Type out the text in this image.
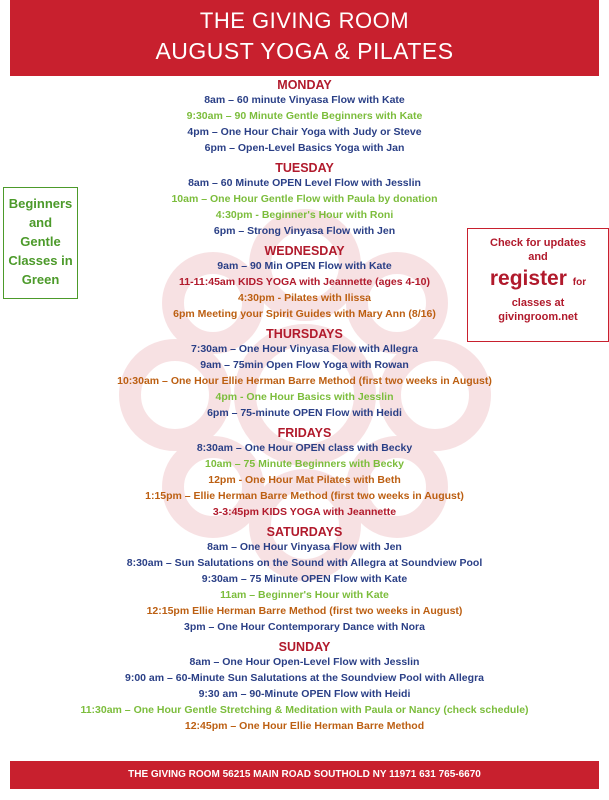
THE GIVING ROOM
AUGUST YOGA & PILATES
MONDAY
8am – 60 minute Vinyasa Flow with Kate
9:30am – 90 Minute Gentle Beginners with Kate
4pm – One Hour Chair Yoga with Judy or Steve
6pm – Open-Level Basics Yoga with Jan
TUESDAY
8am – 60 Minute OPEN Level Flow with Jesslin
10am – One Hour Gentle Flow with Paula by donation
4:30pm - Beginner's Hour with Roni
6pm – Strong Vinyasa Flow with Jen
WEDNESDAY
9am – 90 Min OPEN Flow with Kate
11-11:45am KIDS YOGA with Jeannette (ages 4-10)
4:30pm - Pilates with Ilissa
6pm Meeting your Spirit Guides with Mary Ann (8/16)
THURSDAYS
7:30am – One Hour Vinyasa Flow with Allegra
9am – 75min Open Flow Yoga with Rowan
10:30am – One Hour Ellie Herman Barre Method (first two weeks in August)
4pm - One Hour Basics with Jesslin
6pm – 75-minute OPEN Flow with Heidi
FRIDAYS
8:30am – One Hour OPEN class with Becky
10am – 75 Minute Beginners with Becky
12pm - One Hour Mat Pilates with Beth
1:15pm – Ellie Herman Barre Method (first two weeks in August)
3-3:45pm KIDS YOGA with Jeannette
SATURDAYS
8am – One Hour Vinyasa Flow with Jen
8:30am – Sun Salutations on the Sound with Allegra at Soundview Pool
9:30am – 75 Minute OPEN Flow with Kate
11am – Beginner's Hour with Kate
12:15pm Ellie Herman Barre Method (first two weeks in August)
3pm – One Hour Contemporary Dance with Nora
SUNDAY
8am – One Hour Open-Level Flow with Jesslin
9:00 am – 60-Minute Sun Salutations at the Soundview Pool with Allegra
9:30 am – 90-Minute OPEN Flow with Heidi
11:30am – One Hour Gentle Stretching & Meditation with Paula or Nancy (check schedule)
12:45pm – One Hour Ellie Herman Barre Method
Beginners
and
Gentle
Classes in
Green
Check for updates
and
register for
classes at
givingroom.net
THE GIVING ROOM 56215 MAIN ROAD SOUTHOLD NY 11971 631 765-6670
